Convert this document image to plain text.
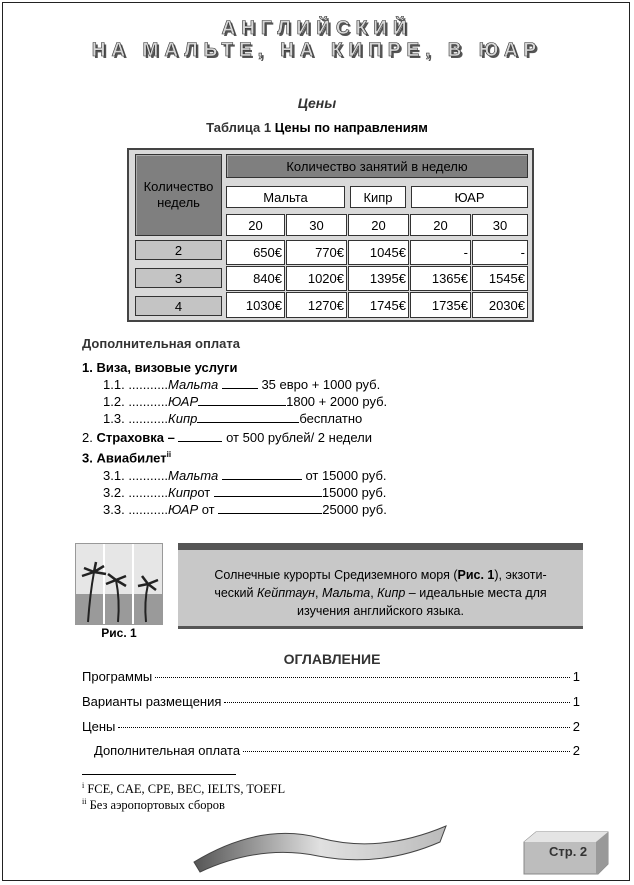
АНГЛИЙСКИЙ
НА МАЛЬТЕ, НА КИПРЕ, В ЮАР
Цены
Таблица 1 Цены по направлениям
Количество недель
Количество занятий в неделю
Мальта	Кипр	ЮАР
20	30	20	20	30
2	650€	770€	1045€	-	-
3	840€	1020€	1395€	1365€	1545€
4	1030€	1270€	1745€	1735€	2030€
Дополнительная оплата
1. Виза, визовые услуги
1.1. ...........Мальта	35 евро + 1000 руб.
1.2. ...........ЮАР	1800 + 2000 руб.
1.3. ...........Кипр	бесплатно
2. Страховка –	от 500 рублей/ 2 недели
3. Авиабилет$^{ii}$
3.1. ...........Мальта	от 15000 руб.
3.2. ...........Кипрот	15000 руб.
3.3. ...........ЮАР от	25000 руб.
Рис. 1
Солнечные курорты Средиземного моря (Рис. 1), экзоти-
ческий Кейптаун, Мальта, Кипр – идеальные места для
изучения английского языка.
ОГЛАВЛЕНИЕ
Программы	1
Варианты размещения	1
Цены	2
Дополнительная оплата	2
$^i$ FCE, CAE, CPE, BEC, IELTS, TOEFL
$^{ii}$ Без аэропортовых сборов
Стр. 2
